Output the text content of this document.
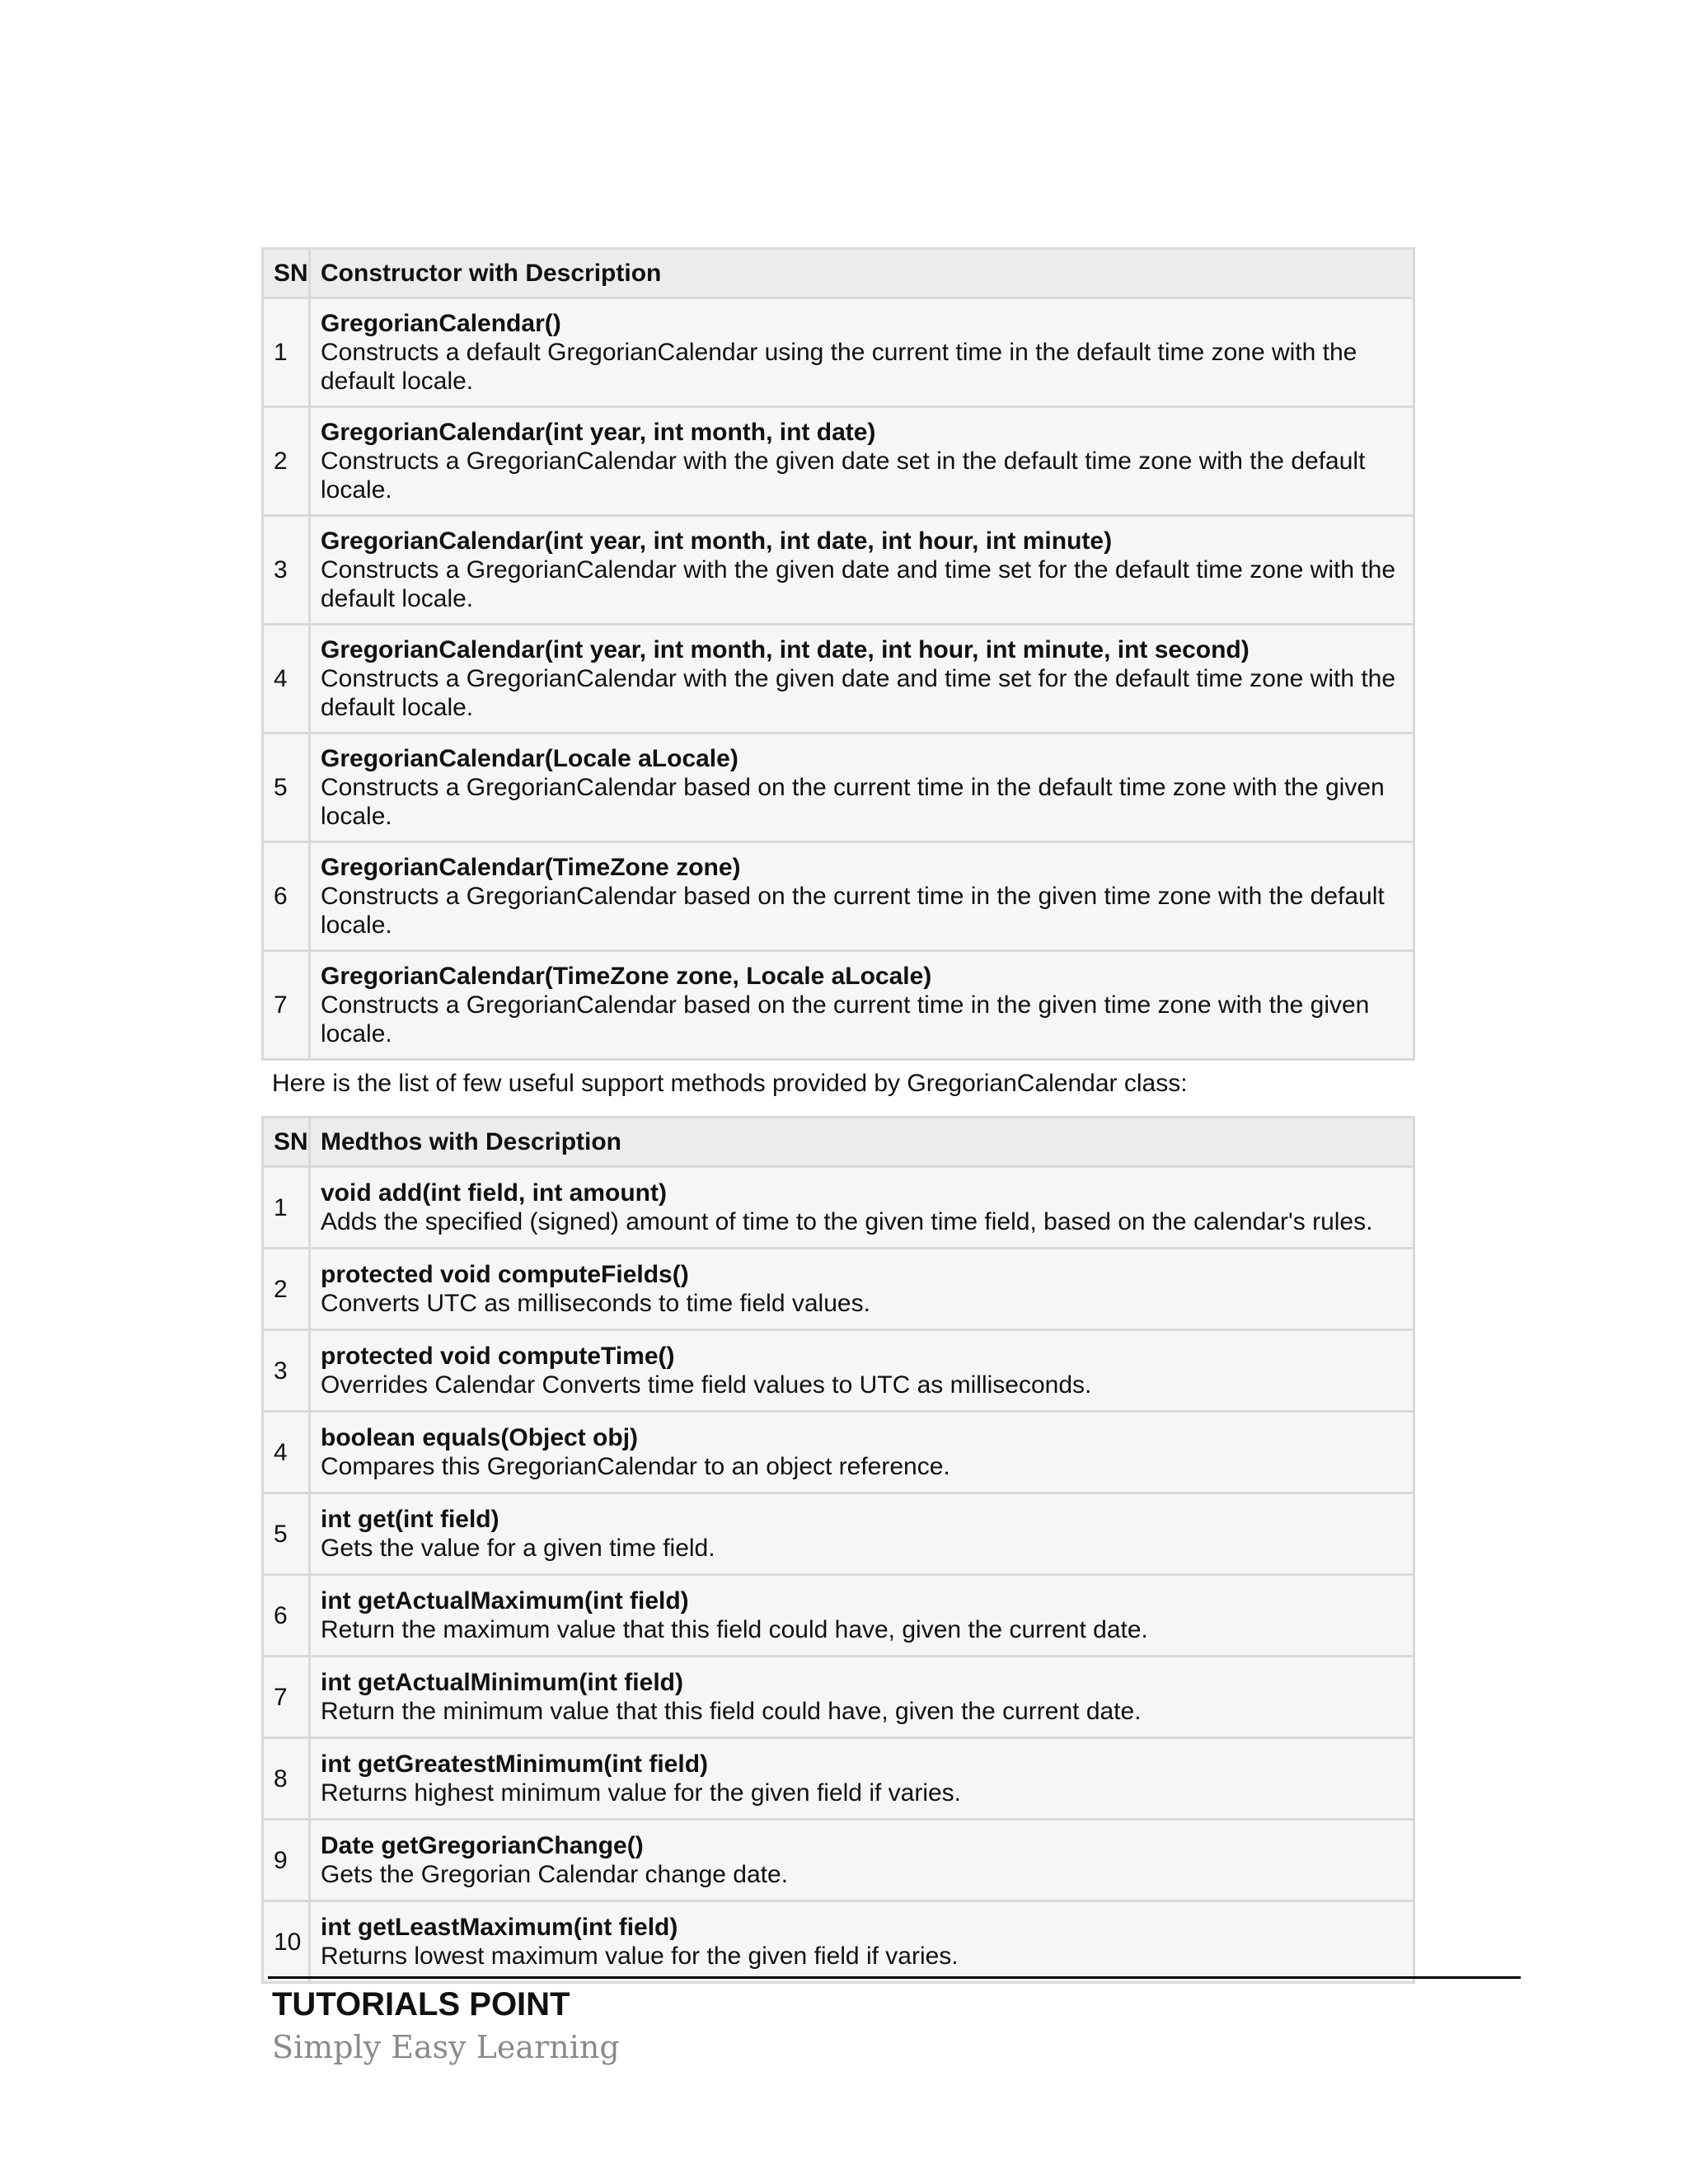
SN	Constructor with Description
1	GregorianCalendar()
Constructs a default GregorianCalendar using the current time in the default time zone with the default locale.

2	GregorianCalendar(int year, int month, int date)
Constructs a GregorianCalendar with the given date set in the default time zone with the default locale.

3	GregorianCalendar(int year, int month, int date, int hour, int minute)
Constructs a GregorianCalendar with the given date and time set for the default time zone with the default locale.

4	GregorianCalendar(int year, int month, int date, int hour, int minute, int second)
Constructs a GregorianCalendar with the given date and time set for the default time zone with the default locale.

5	GregorianCalendar(Locale aLocale)
Constructs a GregorianCalendar based on the current time in the default time zone with the given locale.

6	GregorianCalendar(TimeZone zone)
Constructs a GregorianCalendar based on the current time in the given time zone with the default locale.

7	GregorianCalendar(TimeZone zone, Locale aLocale)
Constructs a GregorianCalendar based on the current time in the given time zone with the given locale.
Here is the list of few useful support methods provided by GregorianCalendar class:
SN	Medthos with Description
1	void add(int field, int amount)
Adds the specified (signed) amount of time to the given time field, based on the calendar's rules.

2	protected void computeFields()
Converts UTC as milliseconds to time field values.

3	protected void computeTime()
Overrides Calendar Converts time field values to UTC as milliseconds.

4	boolean equals(Object obj)
Compares this GregorianCalendar to an object reference.

5	int get(int field)
Gets the value for a given time field.

6	int getActualMaximum(int field)
Return the maximum value that this field could have, given the current date.

7	int getActualMinimum(int field)
Return the minimum value that this field could have, given the current date.

8	int getGreatestMinimum(int field)
Returns highest minimum value for the given field if varies.

9	Date getGregorianChange()
Gets the Gregorian Calendar change date.

10	int getLeastMaximum(int field)
Returns lowest maximum value for the given field if varies.
TUTORIALS POINT
Simply Easy Learning
